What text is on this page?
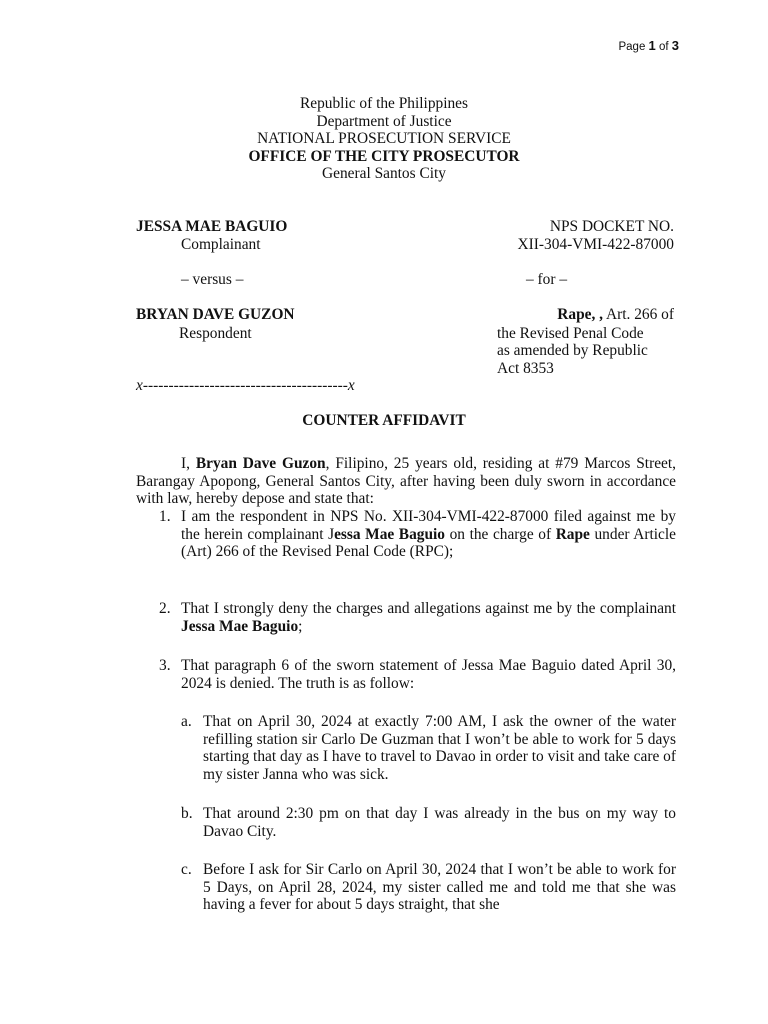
Page 1 of 3
Republic of the Philippines
Department of Justice
NATIONAL PROSECUTION SERVICE
OFFICE OF THE CITY PROSECUTOR
General Santos City
JESSA MAE BAGUIO
Complainant
– versus –
BRYAN DAVE GUZON
Respondent
NPS DOCKET NO.
XII-304-VMI-422-87000
– for –
Rape, , Art. 266 of
the Revised Penal Code
as amended by Republic
Act 8353
x----------------------------------------x
COUNTER AFFIDAVIT
I, Bryan Dave Guzon, Filipino, 25 years old, residing at #79 Marcos Street, Barangay Apopong, General Santos City, after having been duly sworn in accordance with law, hereby depose and state that:
1. I am the respondent in NPS No. XII-304-VMI-422-87000 filed against me by the herein complainant Jessa Mae Baguio on the charge of Rape under Article (Art) 266 of the Revised Penal Code (RPC);
2. That I strongly deny the charges and allegations against me by the complainant Jessa Mae Baguio;
3. That paragraph 6 of the sworn statement of Jessa Mae Baguio dated April 30, 2024 is denied. The truth is as follow:
a. That on April 30, 2024 at exactly 7:00 AM, I ask the owner of the water refilling station sir Carlo De Guzman that I won’t be able to work for 5 days starting that day as I have to travel to Davao in order to visit and take care of my sister Janna who was sick.
b. That around 2:30 pm on that day I was already in the bus on my way to Davao City.
c. Before I ask for Sir Carlo on April 30, 2024 that I won’t be able to work for 5 Days, on April 28, 2024, my sister called me and told me that she was having a fever for about 5 days straight, that she
